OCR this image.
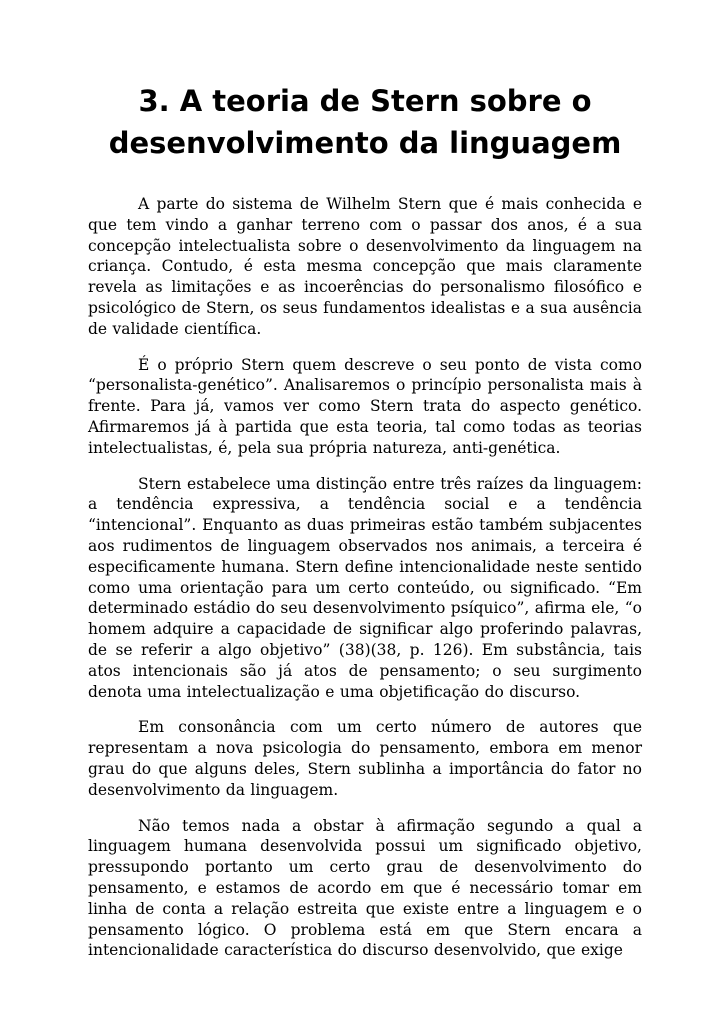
3. A teoria de Stern sobre o
desenvolvimento da linguagem

A parte do sistema de Wilhelm Stern que é mais conhecida e que tem vindo a ganhar terreno com o passar dos anos, é a sua concepção intelectualista sobre o desenvolvimento da linguagem na criança. Contudo, é esta mesma concepção que mais claramente revela as limitações e as incoerências do personalismo filosófico e psicológico de Stern, os seus fundamentos idealistas e a sua ausência de validade científica.

É o próprio Stern quem descreve o seu ponto de vista como “personalista-genético”. Analisaremos o princípio personalista mais à frente. Para já, vamos ver como Stern trata do aspecto genético. Afirmaremos já à partida que esta teoria, tal como todas as teorias intelectualistas, é, pela sua própria natureza, anti-genética.

Stern estabelece uma distinção entre três raízes da linguagem: a tendência expressiva, a tendência social e a tendência “intencional”. Enquanto as duas primeiras estão também subjacentes aos rudimentos de linguagem observados nos animais, a terceira é especificamente humana. Stern define intencionalidade neste sentido como uma orientação para um certo conteúdo, ou significado. “Em determinado estádio do seu desenvolvimento psíquico”, afirma ele, “o homem adquire a capacidade de significar algo proferindo palavras, de se referir a algo objetivo” (38)(38, p. 126). Em substância, tais atos intencionais são já atos de pensamento; o seu surgimento denota uma intelectualização e uma objetificação do discurso.

Em consonância com um certo número de autores que representam a nova psicologia do pensamento, embora em menor grau do que alguns deles, Stern sublinha a importância do fator no desenvolvimento da linguagem.

Não temos nada a obstar à afirmação segundo a qual a linguagem humana desenvolvida possui um significado objetivo, pressupondo portanto um certo grau de desenvolvimento do pensamento, e estamos de acordo em que é necessário tomar em linha de conta a relação estreita que existe entre a linguagem e o pensamento lógico. O problema está em que Stern encara a intencionalidade característica do discurso desenvolvido, que exige
